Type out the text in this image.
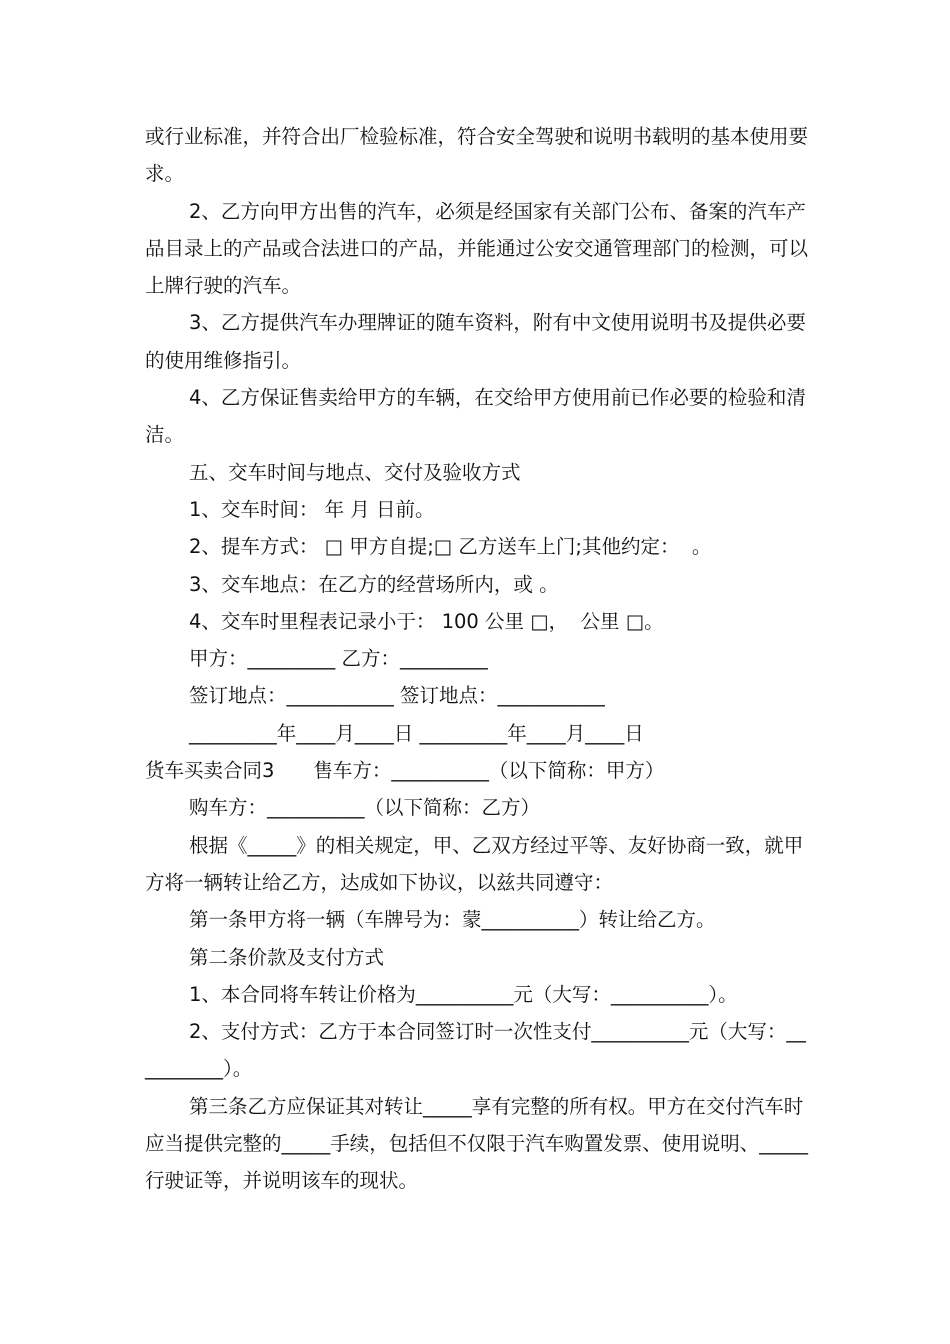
或行业标准，并符合出厂检验标准，符合安全驾驶和说明书载明的基本使用要求。

2、乙方向甲方出售的汽车，必须是经国家有关部门公布、备案的汽车产品目录上的产品或合法进口的产品，并能通过公安交通管理部门的检测，可以上牌行驶的汽车。

3、乙方提供汽车办理牌证的随车资料，附有中文使用说明书及提供必要的使用维修指引。

4、乙方保证售卖给甲方的车辆，在交给甲方使用前已作必要的检验和清洁。

五、交车时间与地点、交付及验收方式

1、交车时间： 年 月 日前。

2、提车方式： □ 甲方自提;□ 乙方送车上门;其他约定：  。

3、交车地点：在乙方的经营场所内，或 。

4、交车时里程表记录小于： 100 公里 □，  公里 □。

甲方：_________ 乙方：_________

签订地点：___________ 签订地点：___________

_________年____月____日 _________年____月____日

货车买卖合同3　　售车方：__________（以下简称：甲方）

购车方：__________（以下简称：乙方）

根据《_____》的相关规定，甲、乙双方经过平等、友好协商一致，就甲方将一辆转让给乙方，达成如下协议，以兹共同遵守：

第一条甲方将一辆（车牌号为：蒙__________）转让给乙方。

第二条价款及支付方式

1、本合同将车转让价格为__________元（大写：__________）。

2、支付方式：乙方于本合同签订时一次性支付__________元（大写：__________）。

第三条乙方应保证其对转让_____享有完整的所有权。甲方在交付汽车时应当提供完整的_____手续，包括但不仅限于汽车购置发票、使用说明、_____行驶证等，并说明该车的现状。
